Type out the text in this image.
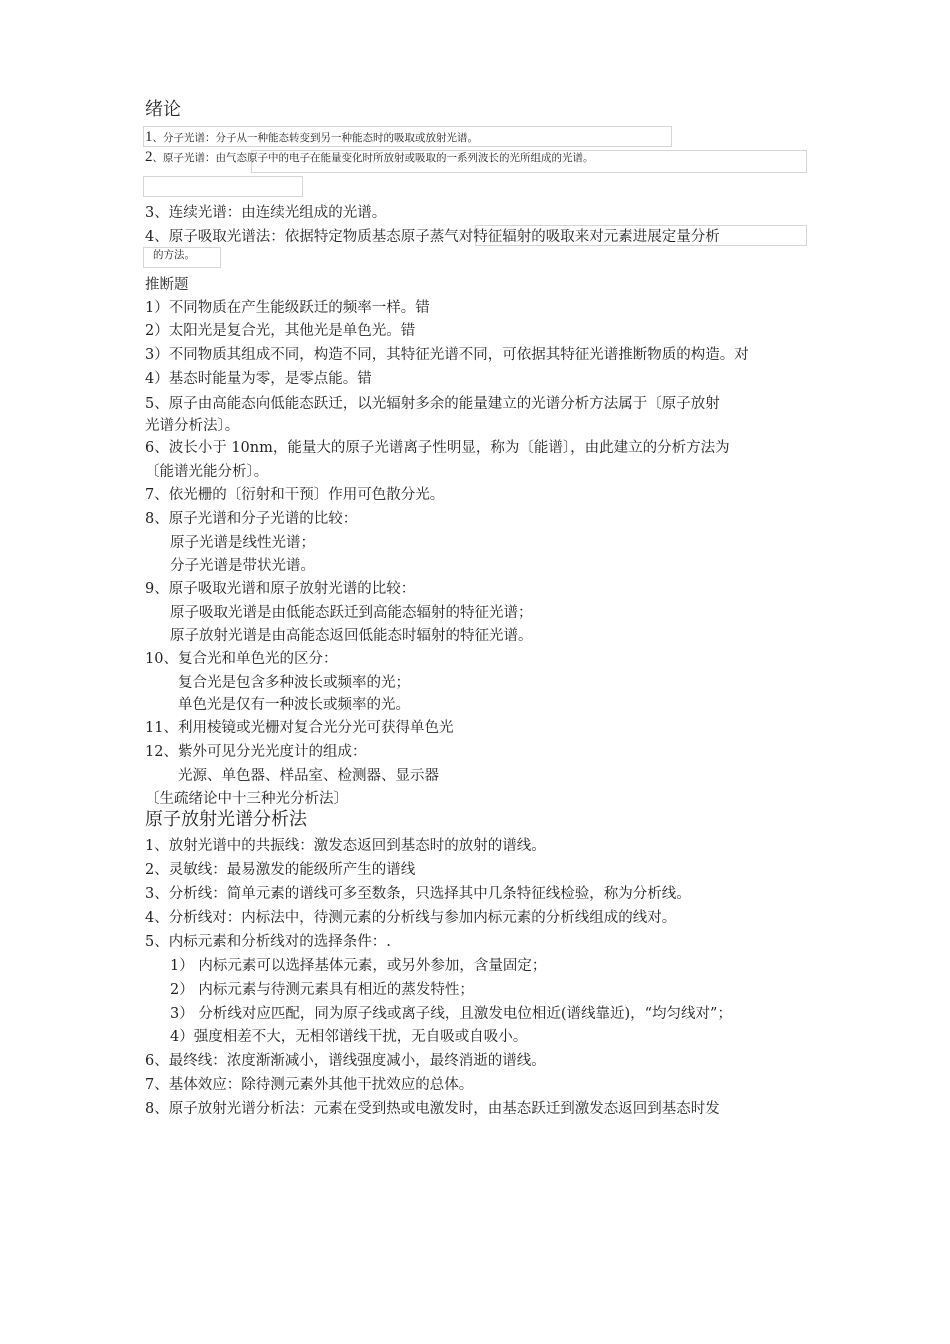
绪论
1、分子光谱：分子从一种能态转变到另一种能态时的吸取或放射光谱。
2、原子光谱：由气态原子中的电子在能量变化时所放射或吸取的一系列波长的光所组成的光谱。
3、连续光谱：由连续光组成的光谱。
4、原子吸取光谱法：依据特定物质基态原子蒸气对特征辐射的吸取来对元素进展定量分析
的方法。
推断题
1）不同物质在产生能级跃迁的频率一样。错
2）太阳光是复合光，其他光是单色光。错
3）不同物质其组成不同，构造不同，其特征光谱不同，可依据其特征光谱推断物质的构造。对
4）基态时能量为零，是零点能。错
5、原子由高能态向低能态跃迁，以光辐射多余的能量建立的光谱分析方法属于〔原子放射
光谱分析法〕。
6、波长小于 10nm，能量大的原子光谱离子性明显，称为〔能谱〕，由此建立的分析方法为
〔能谱光能分析〕。
7、依光栅的〔衍射和干预〕作用可色散分光。
8、原子光谱和分子光谱的比较：
原子光谱是线性光谱；
分子光谱是带状光谱。
9、原子吸取光谱和原子放射光谱的比较：
原子吸取光谱是由低能态跃迁到高能态辐射的特征光谱；
原子放射光谱是由高能态返回低能态时辐射的特征光谱。
10、复合光和单色光的区分：
复合光是包含多种波长或频率的光；
单色光是仅有一种波长或频率的光。
11、利用棱镜或光栅对复合光分光可获得单色光
12、紫外可见分光光度计的组成：
光源、单色器、样品室、检测器、显示器
〔生疏绪论中十三种光分析法〕
原子放射光谱分析法
1、放射光谱中的共振线：激发态返回到基态时的放射的谱线。
2、灵敏线：最易激发的能级所产生的谱线
3、分析线：简单元素的谱线可多至数条，只选择其中几条特征线检验，称为分析线。
4、分析线对：内标法中，待测元素的分析线与参加内标元素的分析线组成的线对。
5、内标元素和分析线对的选择条件：.
1） 内标元素可以选择基体元素，或另外参加，含量固定；
2） 内标元素与待测元素具有相近的蒸发特性；
3） 分析线对应匹配，同为原子线或离子线，且激发电位相近(谱线靠近)，“均匀线对”；
4）强度相差不大，无相邻谱线干扰，无自吸或自吸小。
6、最终线：浓度渐渐减小，谱线强度减小，最终消逝的谱线。
7、基体效应：除待测元素外其他干扰效应的总体。
8、原子放射光谱分析法：元素在受到热或电激发时，由基态跃迁到激发态返回到基态时发
